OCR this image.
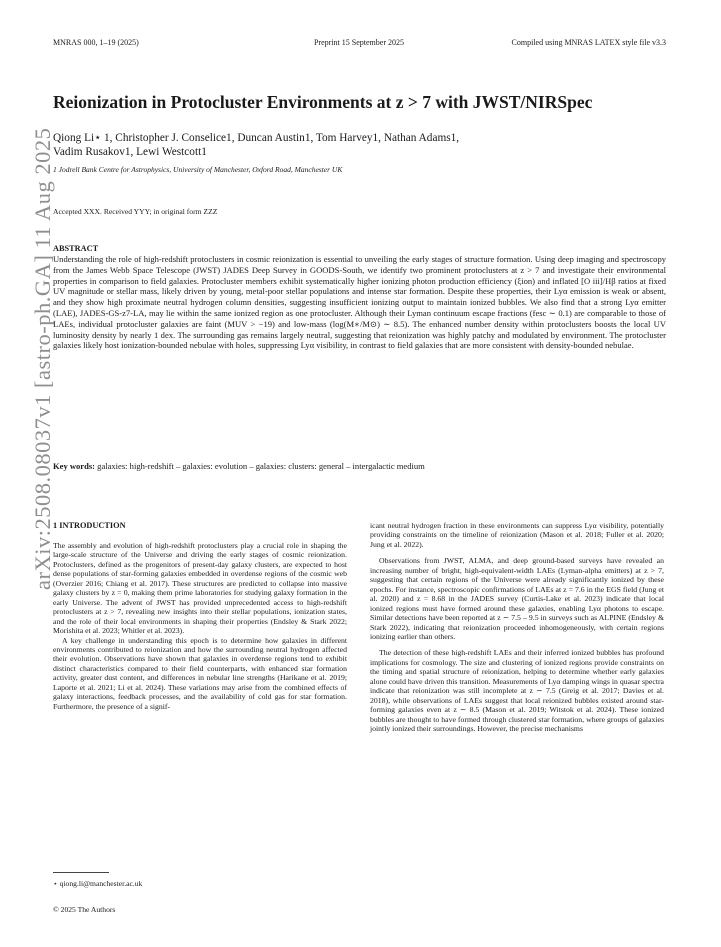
MNRAS 000, 1–19 (2025)	Preprint 15 September 2025	Compiled using MNRAS LATEX style file v3.3
arXiv:2508.08037v1 [astro-ph.GA] 11 Aug 2025
Reionization in Protocluster Environments at z > 7 with JWST/NIRSpec
Qiong Li⋆ 1, Christopher J. Conselice1, Duncan Austin1, Tom Harvey1, Nathan Adams1,
Vadim Rusakov1, Lewi Westcott1
1 Jodrell Bank Centre for Astrophysics, University of Manchester, Oxford Road, Manchester UK
Accepted XXX. Received YYY; in original form ZZZ
ABSTRACT
Understanding the role of high-redshift protoclusters in cosmic reionization is essential to unveiling the early stages of structure formation. Using deep imaging and spectroscopy from the James Webb Space Telescope (JWST) JADES Deep Survey in GOODS-South, we identify two prominent protoclusters at z > 7 and investigate their environmental properties in comparison to field galaxies. Protocluster members exhibit systematically higher ionizing photon production efficiency (ξion) and inflated [O iii]/Hβ ratios at fixed UV magnitude or stellar mass, likely driven by young, metal-poor stellar populations and intense star formation. Despite these properties, their Lyα emission is weak or absent, and they show high proximate neutral hydrogen column densities, suggesting insufficient ionizing output to maintain ionized bubbles. We also find that a strong Lyα emitter (LAE), JADES-GS-z7-LA, may lie within the same ionized region as one protocluster. Although their Lyman continuum escape fractions (fesc ∼ 0.1) are comparable to those of LAEs, individual protocluster galaxies are faint (MUV > −19) and low-mass (log(M∗/M⊙) ∼ 8.5). The enhanced number density within protoclusters boosts the local UV luminosity density by nearly 1 dex. The surrounding gas remains largely neutral, suggesting that reionization was highly patchy and modulated by environment. The protocluster galaxies likely host ionization-bounded nebulae with holes, suppressing Lyα visibility, in contrast to field galaxies that are more consistent with density-bounded nebulae.
Key words: galaxies: high-redshift – galaxies: evolution – galaxies: clusters: general – intergalactic medium
1 INTRODUCTION

The assembly and evolution of high-redshift protoclusters play a crucial role in shaping the large-scale structure of the Universe and driving the early stages of cosmic reionization. Protoclusters, defined as the progenitors of present-day galaxy clusters, are expected to host dense populations of star-forming galaxies embedded in overdense regions of the cosmic web (Overzier 2016; Chiang et al. 2017). These structures are predicted to collapse into massive galaxy clusters by z = 0, making them prime laboratories for studying galaxy formation in the early Universe. The advent of JWST has provided unprecedented access to high-redshift protoclusters at z > 7, revealing new insights into their stellar populations, ionization states, and the role of their local environments in shaping their properties (Endsley & Stark 2022; Morishita et al. 2023; Whitler et al. 2023).

A key challenge in understanding this epoch is to determine how galaxies in different environments contributed to reionization and how the surrounding neutral hydrogen affected their evolution. Observations have shown that galaxies in overdense regions tend to exhibit distinct characteristics compared to their field counterparts, with enhanced star formation activity, greater dust content, and differences in nebular line strengths (Harikane et al. 2019; Laporte et al. 2021; Li et al. 2024). These variations may arise from the combined effects of galaxy interactions, feedback processes, and the availability of cold gas for star formation. Furthermore, the presence of a signif-

icant neutral hydrogen fraction in these environments can suppress Lyα visibility, potentially providing constraints on the timeline of reionization (Mason et al. 2018; Fuller et al. 2020; Jung et al. 2022).

Observations from JWST, ALMA, and deep ground-based surveys have revealed an increasing number of bright, high-equivalent-width LAEs (Lyman-alpha emitters) at z > 7, suggesting that certain regions of the Universe were already significantly ionized by these epochs. For instance, spectroscopic confirmations of LAEs at z = 7.6 in the EGS field (Jung et al. 2020) and z = 8.68 in the JADES survey (Curtis-Lake et al. 2023) indicate that local ionized regions must have formed around these galaxies, enabling Lyα photons to escape. Similar detections have been reported at z ∼ 7.5 – 9.5 in surveys such as ALPINE (Endsley & Stark 2022), indicating that reionization proceeded inhomogeneously, with certain regions ionizing earlier than others.

The detection of these high-redshift LAEs and their inferred ionized bubbles has profound implications for cosmology. The size and clustering of ionized regions provide constraints on the timing and spatial structure of reionization, helping to determine whether early galaxies alone could have driven this transition. Measurements of Lyα damping wings in quasar spectra indicate that reionization was still incomplete at z ∼ 7.5 (Greig et al. 2017; Davies et al. 2018), while observations of LAEs suggest that local reionized bubbles existed around star-forming galaxies even at z ∼ 8.5 (Mason et al. 2019; Witstok et al. 2024). These ionized bubbles are thought to have formed through clustered star formation, where groups of galaxies jointly ionized their surroundings. However, the precise mechanisms

⋆ qiong.li@manchester.ac.uk
© 2025 The Authors
